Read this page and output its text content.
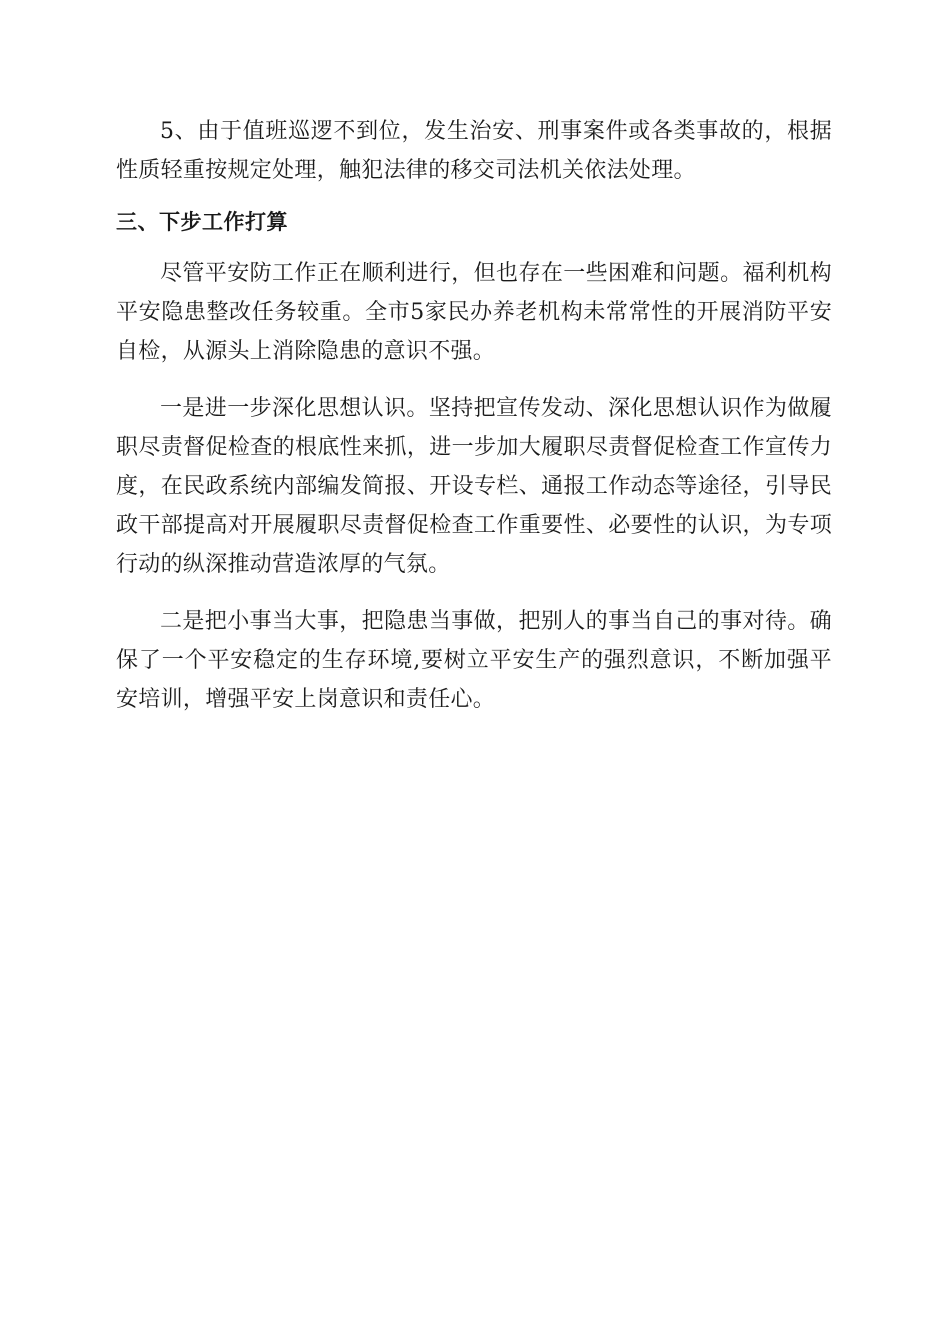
5、由于值班巡逻不到位，发生治安、刑事案件或各类事故的，根据性质轻重按规定处理，触犯法律的移交司法机关依法处理。

三、下步工作打算

尽管平安防工作正在顺利进行，但也存在一些困难和问题。福利机构平安隐患整改任务较重。全市5家民办养老机构未常常性的开展消防平安自检，从源头上消除隐患的意识不强。

一是进一步深化思想认识。坚持把宣传发动、深化思想认识作为做履职尽责督促检查的根底性来抓，进一步加大履职尽责督促检查工作宣传力度，在民政系统内部编发简报、开设专栏、通报工作动态等途径，引导民政干部提高对开展履职尽责督促检查工作重要性、必要性的认识，为专项行动的纵深推动营造浓厚的气氛。

二是把小事当大事，把隐患当事做，把别人的事当自己的事对待。确保了一个平安稳定的生存环境,要树立平安生产的强烈意识，不断加强平安培训，增强平安上岗意识和责任心。
